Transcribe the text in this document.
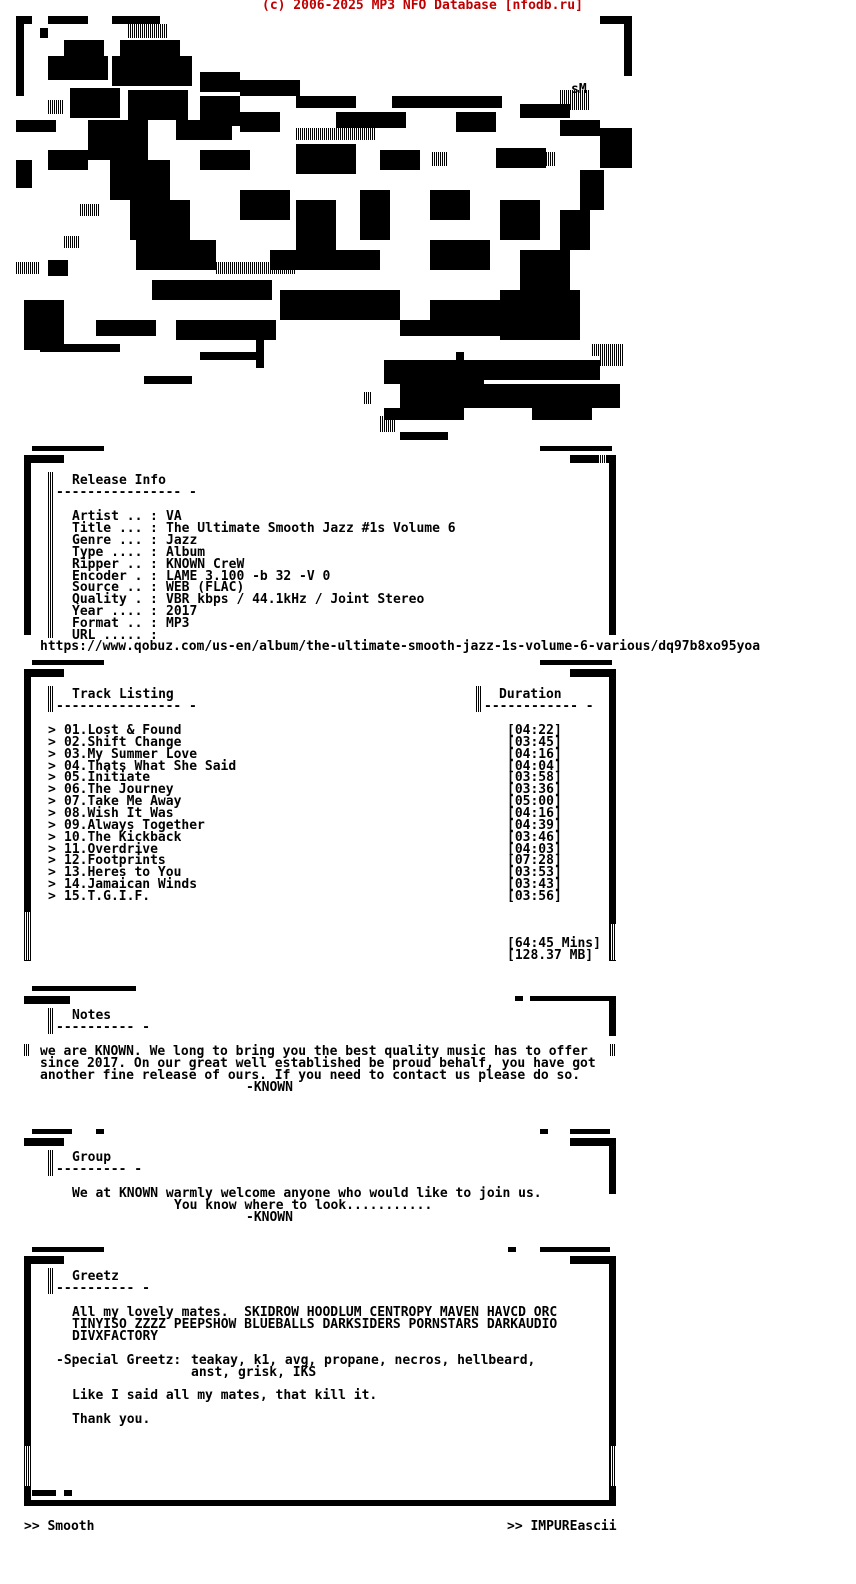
(c) 2006-2025 MP3 NFO Database [nfodb.ru]
sM
Release Info
---------------- -
Artist .. : VA
Title ... : The Ultimate Smooth Jazz #1s Volume 6
Genre ... : Jazz
Type .... : Album
Ripper .. : KNOWN CreW
Encoder . : LAME 3.100 -b 32 -V 0
Source .. : WEB (FLAC)
Quality . : VBR kbps / 44.1kHz / Joint Stereo
Year .... : 2017
Format .. : MP3
URL ..... :
https://www.qobuz.com/us-en/album/the-ultimate-smooth-jazz-1s-volume-6-various/dq97b8xo95yoa
Track Listing
---------------- -
Duration
------------ -
> 01.Lost & Found	[04:22]
> 02.Shift Change	[03:45]
> 03.My Summer Love	[04:16]
> 04.Thats What She Said	[04:04]
> 05.Initiate	[03:58]
> 06.The Journey	[03:36]
> 07.Take Me Away	[05:00]
> 08.Wish It Was	[04:16]
> 09.Always Together	[04:39]
> 10.The Kickback	[03:46]
> 11.Overdrive	[04:03]
> 12.Footprints	[07:28]
> 13.Heres to You	[03:53]
> 14.Jamaican Winds	[03:43]
> 15.T.G.I.F.	[03:56]
[64:45 Mins]
[128.37 MB]
Notes
---------- -
we are KNOWN. We long to bring you the best quality music has to offer
since 2017. On our great well established be proud behalf, you have got
another fine release of ours. If you need to contact us please do so.
-KNOWN
Group
--------- -
We at KNOWN warmly welcome anyone who would like to join us.
You know where to look...........
-KNOWN
Greetz
---------- -
All my lovely mates.  SKIDROW HOODLUM CENTROPY MAVEN HAVCD ORC
TINYISO ZZZZ PEEPSHOW BLUEBALLS DARKSIDERS PORNSTARS DARKAUDIO
DIVXFACTORY
-Special Greetz: teakay, k1, avg, propane, necros, hellbeard,
anst, grisk, IKS
Like I said all my mates, that kill it.
Thank you.
>> Smooth	>> IMPUREascii
